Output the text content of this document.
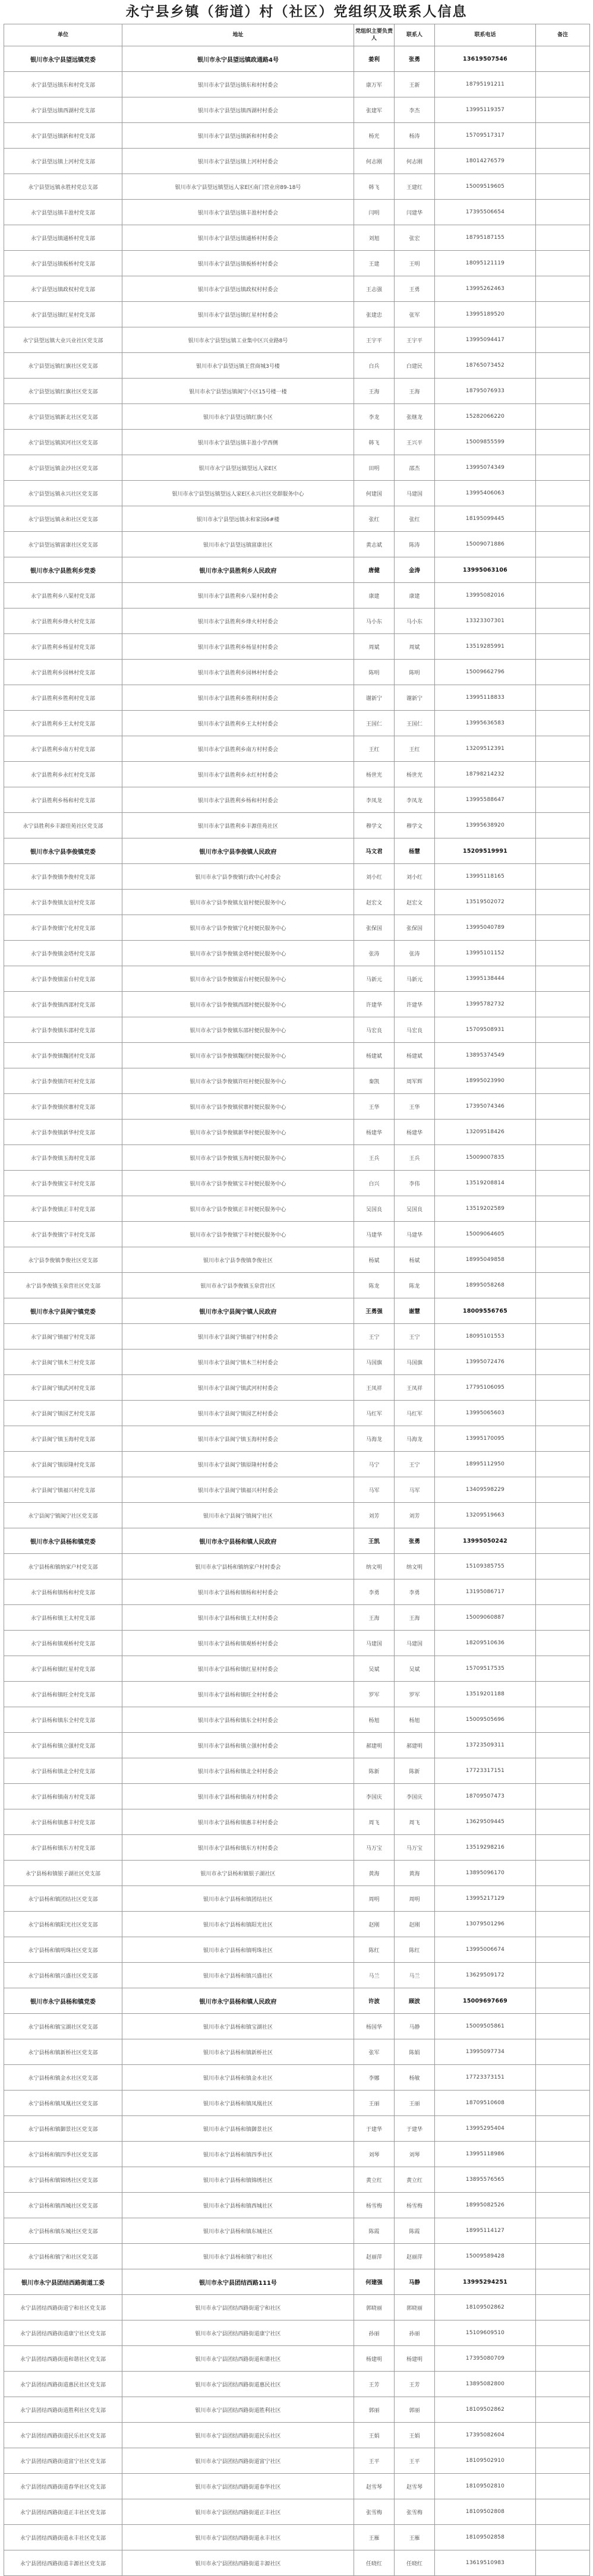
永宁县乡镇（街道）村（社区）党组织及联系人信息
单位	地址	党组织主要负责人	联系人	联系电话	备注
银川市永宁县望远镇党委	银川市永宁县望远镇政通路4号	姜利	张勇	13619507546	
永宁县望远镇东和村党支部	银川市永宁县望远镇东和村村委会	康万军	王新	18795191211	
永宁县望远镇西湖村党支部	银川市永宁县望远镇西湖村村委会	张建军	李杰	13995119357	
永宁县望远镇新和村党支部	银川市永宁县望远镇新和村村委会	杨光	杨涛	15709517317	
永宁县望远镇上河村党支部	银川市永宁县望远镇上河村村委会	何志刚	何志刚	18014276579	
永宁县望远镇永胜村党总支部	银川市永宁县望远镇望远人家E区南门营业房89-18号	韩飞	王建红	15009519605	
永宁县望远镇丰盈村党支部	银川市永宁县望远镇丰盈村村委会	闫明	闫建华	17395506654	
永宁县望远镇通桥村党支部	银川市永宁县望远镇通桥村村委会	刘旭	张宏	18795187155	
永宁县望远镇板桥村党支部	银川市永宁县望远镇板桥村村委会	王建	王明	18095121119	
永宁县望远镇政权村党支部	银川市永宁县望远镇政权村村委会	王志强	王勇	13995262463	
永宁县望远镇红星村党支部	银川市永宁县望远镇红星村村委会	张建忠	张军	13995189520	
永宁县望远镇大业兴业社区党支部	银川市永宁县望远镇工业集中区兴业路8号	王宇平	王宇平	13995094417	
永宁县望远镇红旗社区党支部	银川市永宁县望远镇王营商城3号楼	白兵	白建民	18765073452	
永宁县望远镇红旗社区党支部	银川市永宁县望远镇闽宁小区15号楼一楼	王海	王海	18795076933	
永宁县望远镇新北社区党支部	银川市永宁县望远镇红旗小区	李龙	张继龙	15282066220	
永宁县望远镇滨河社区党支部	银川市永宁县望远镇丰盈小学西侧	韩飞	王兴平	15009855599	
永宁县望远镇金沙社区党支部	银川市永宁县望远镇望远人家E区	田明	邵杰	13995074349	
永宁县望远镇永兴社区党支部	银川市永宁县望远镇望远人家E区永兴社区党群服务中心	何建国	马建国	13995406063	
永宁县望远镇永和社区党支部	银川市永宁县望远镇永和家园6#楼	张红	张红	18195099445	
永宁县望远镇富康社区党支部	银川市永宁县望远镇富康社区	黄志斌	陈涛	15009071886	
银川市永宁县胜利乡党委	银川市永宁县胜利乡人民政府	唐健	金涛	13995063106	
永宁县胜利乡八渠村党支部	银川市永宁县胜利乡八渠村村委会	康建	康建	13995082016	
永宁县胜利乡烽火村党支部	银川市永宁县胜利乡烽火村村委会	马小东	马小东	13323307301	
永宁县胜利乡杨显村党支部	银川市永宁县胜利乡杨显村村委会	周斌	周斌	13519285991	
永宁县胜利乡园林村党支部	银川市永宁县胜利乡园林村村委会	陈明	陈明	15009662796	
永宁县胜利乡胜利村党支部	银川市永宁县胜利乡胜利村村委会	谢新宁	谢新宁	13995118833	
永宁县胜利乡王太村党支部	银川市永宁县胜利乡王太村村委会	王国仁	王国仁	13995636583	
永宁县胜利乡南方村党支部	银川市永宁县胜利乡南方村村委会	王红	王红	13209512391	
永宁县胜利乡永红村党支部	银川市永宁县胜利乡永红村村委会	杨世光	杨世光	18798214232	
永宁县胜利乡杨和村党支部	银川市永宁县胜利乡杨和村村委会	李凤龙	李凤龙	13995588647	
永宁县胜利乡丰源佳苑社区党支部	银川市永宁县胜利乡丰源佳苑社区	穆学文	穆学文	13995638920	
银川市永宁县李俊镇党委	银川市永宁县李俊镇人民政府	马文君	杨慧	15209519991	
永宁县李俊镇李俊村党支部	银川市永宁县李俊镇行政中心村委会	刘小红	刘小红	13995118165	
永宁县李俊镇友谊村党支部	银川市永宁县李俊镇友谊村便民服务中心	赵宏文	赵宏文	13519502072	
永宁县李俊镇宁化村党支部	银川市永宁县李俊镇宁化村便民服务中心	张保国	张保国	13995040789	
永宁县李俊镇金塔村党支部	银川市永宁县李俊镇金塔村便民服务中心	张涛	张涛	13995101152	
永宁县李俊镇雷台村党支部	银川市永宁县李俊镇雷台村便民服务中心	马新元	马新元	13995138444	
永宁县李俊镇西邵村党支部	银川市永宁县李俊镇西邵村便民服务中心	许建华	许建华	13995782732	
永宁县李俊镇东邵村党支部	银川市永宁县李俊镇东邵村便民服务中心	马宏良	马宏良	15709508931	
永宁县李俊镇魏团村党支部	银川市永宁县李俊镇魏团村便民服务中心	杨建斌	杨建斌	13895374549	
永宁县李俊镇许旺村党支部	银川市永宁县李俊镇许旺村便民服务中心	秦凯	周军辉	18995023990	
永宁县李俊镇侯寨村党支部	银川市永宁县李俊镇侯寨村便民服务中心	王华	王华	17395074346	
永宁县李俊镇新华村党支部	银川市永宁县李俊镇新华村便民服务中心	杨建华	杨建华	13209518426	
永宁县李俊镇玉海村党支部	银川市永宁县李俊镇玉海村便民服务中心	王兵	王兵	15009007835	
永宁县李俊镇宝丰村党支部	银川市永宁县李俊镇宝丰村便民服务中心	白兴	李伟	13519208814	
永宁县李俊镇正丰村党支部	银川市永宁县李俊镇正丰村便民服务中心	吴国良	吴国良	13519202589	
永宁县李俊镇宁丰村党支部	银川市永宁县李俊镇宁丰村便民服务中心	马建华	马建华	15009064605	
永宁县李俊镇李俊社区党支部	银川市永宁县李俊镇李俊社区	杨斌	杨斌	18995049858	
永宁县李俊镇玉泉营社区党支部	银川市永宁县李俊镇玉泉营社区	陈龙	陈龙	18995058268	
银川市永宁县闽宁镇党委	银川市永宁县闽宁镇人民政府	王勇强	谢慧	18009556765	
永宁县闽宁镇福宁村党支部	银川市永宁县闽宁镇福宁村村委会	王宁	王宁	18095101553	
永宁县闽宁镇木兰村党支部	银川市永宁县闽宁镇木兰村村委会	马国旗	马国旗	13995072476	
永宁县闽宁镇武河村党支部	银川市永宁县闽宁镇武河村村委会	王凤祥	王凤祥	17795106095	
永宁县闽宁镇园艺村党支部	银川市永宁县闽宁镇园艺村村委会	马红军	马红军	13995065603	
永宁县闽宁镇玉海村党支部	银川市永宁县闽宁镇玉海村村委会	马海龙	马海龙	13995170095	
永宁县闽宁镇原隆村党支部	银川市永宁县闽宁镇原隆村村委会	马宁	王宁	18995112950	
永宁县闽宁镇福兴村党支部	银川市永宁县闽宁镇福兴村村委会	马军	马军	13409598229	
永宁县闽宁镇闽宁社区党支部	银川市永宁县闽宁镇闽宁社区	刘芳	刘芳	13209519663	
银川市永宁县杨和镇党委	银川市永宁县杨和镇人民政府	王凯	张勇	13995050242	
永宁县杨和镇纳家户村党支部	银川市永宁县杨和镇纳家户村村委会	纳文明	纳文明	15109385755	
永宁县杨和镇杨和村党支部	银川市永宁县杨和镇杨和村村委会	李勇	李勇	13195086717	
永宁县杨和镇王太村党支部	银川市永宁县杨和镇王太村村委会	王海	王海	15009060887	
永宁县杨和镇观桥村党支部	银川市永宁县杨和镇观桥村村委会	马建国	马建国	18209510636	
永宁县杨和镇红星村党支部	银川市永宁县杨和镇红星村村委会	吴斌	吴斌	15709517535	
永宁县杨和镇旺全村党支部	银川市永宁县杨和镇旺全村村委会	罗军	罗军	13519201188	
永宁县杨和镇东全村党支部	银川市永宁县杨和镇东全村村委会	杨旭	杨旭	15009505696	
永宁县杨和镇立强村党支部	银川市永宁县杨和镇立强村村委会	郝建明	郝建明	13723509311	
永宁县杨和镇北全村党支部	银川市永宁县杨和镇北全村村委会	陈新	陈新	17723317151	
永宁县杨和镇南方村党支部	银川市永宁县杨和镇南方村村委会	李国庆	李国庆	18709507473	
永宁县杨和镇惠丰村党支部	银川市永宁县杨和镇惠丰村村委会	周飞	周飞	13629509445	
永宁县杨和镇东方村党支部	银川市永宁县杨和镇东方村村委会	马万宝	马万宝	13519298216	
永宁县杨和镇银子湖社区党支部	银川市永宁县杨和镇银子湖社区	黄海	黄海	13895096170	
永宁县杨和镇团结社区党支部	银川市永宁县杨和镇团结社区	周明	周明	13995217129	
永宁县杨和镇阳光社区党支部	银川市永宁县杨和镇阳光社区	赵刚	赵刚	13079501296	
永宁县杨和镇明珠社区党支部	银川市永宁县杨和镇明珠社区	陈红	陈红	13995006674	
永宁县杨和镇兴盛社区党支部	银川市永宁县杨和镇兴盛社区	马兰	马兰	13629509172	
银川市永宁县杨和镇党委	银川市永宁县杨和镇人民政府	许波	顾波	15009697669	
永宁县杨和镇宝湖社区党支部	银川市永宁县杨和镇宝湖社区	杨国华	马静	15009505861	
永宁县杨和镇新桥社区党支部	银川市永宁县杨和镇新桥社区	张军	陈娟	13995097734	
永宁县杨和镇金水社区党支部	银川市永宁县杨和镇金水社区	李娜	杨敏	17723373151	
永宁县杨和镇凤凰社区党支部	银川市永宁县杨和镇凤凰社区	王丽	王丽	18709510608	
永宁县杨和镇御景社区党支部	银川市永宁县杨和镇御景社区	于建华	于建华	13995295404	
永宁县杨和镇四季社区党支部	银川市永宁县杨和镇四季社区	刘琴	刘琴	13995118986	
永宁县杨和镇锦绣社区党支部	银川市永宁县杨和镇锦绣社区	黄立红	黄立红	13895576565	
永宁县杨和镇西城社区党支部	银川市永宁县杨和镇西城社区	杨雪梅	杨雪梅	18995082526	
永宁县杨和镇东城社区党支部	银川市永宁县杨和镇东城社区	陈霞	陈霞	18995114127	
永宁县杨和镇宁和社区党支部	银川市永宁县杨和镇宁和社区	赵丽萍	赵丽萍	15009589428	
银川市永宁县团结西路街道工委	银川市永宁县团结西路111号	何建强	马静	13995294251	
永宁县团结西路街道宁和社区党支部	银川市永宁县团结西路街道宁和社区	郭晓丽	郭晓丽	18109502862	
永宁县团结西路街道康宁社区党支部	银川市永宁县团结西路街道康宁社区	孙丽	孙丽	15109609510	
永宁县团结西路街道和谐社区党支部	银川市永宁县团结西路街道和谐社区	杨建明	杨建明	17395080709	
永宁县团结西路街道惠民社区党支部	银川市永宁县团结西路街道惠民社区	王芳	王芳	13895082800	
永宁县团结西路街道胜利社区党支部	银川市永宁县团结西路街道胜利社区	郭丽	郭丽	18109502862	
永宁县团结西路街道民乐社区党支部	银川市永宁县团结西路街道民乐社区	王娟	王娟	17395082604	
永宁县团结西路街道富宁社区党支部	银川市永宁县团结西路街道富宁社区	王平	王平	18109502910	
永宁县团结西路街道春华社区党支部	银川市永宁县团结西路街道春华社区	赵雪琴	赵雪琴	18109502810	
永宁县团结西路街道正丰社区党支部	银川市永宁县团结西路街道正丰社区	张雪梅	张雪梅	18109502808	
永宁县团结西路街道永丰社区党支部	银川市永宁县团结西路街道永丰社区	王雁	王雁	18109502858	
永宁县团结西路街道丰源社区党支部	银川市永宁县团结西路街道丰源社区	任晓红	任晓红	13619510983	
